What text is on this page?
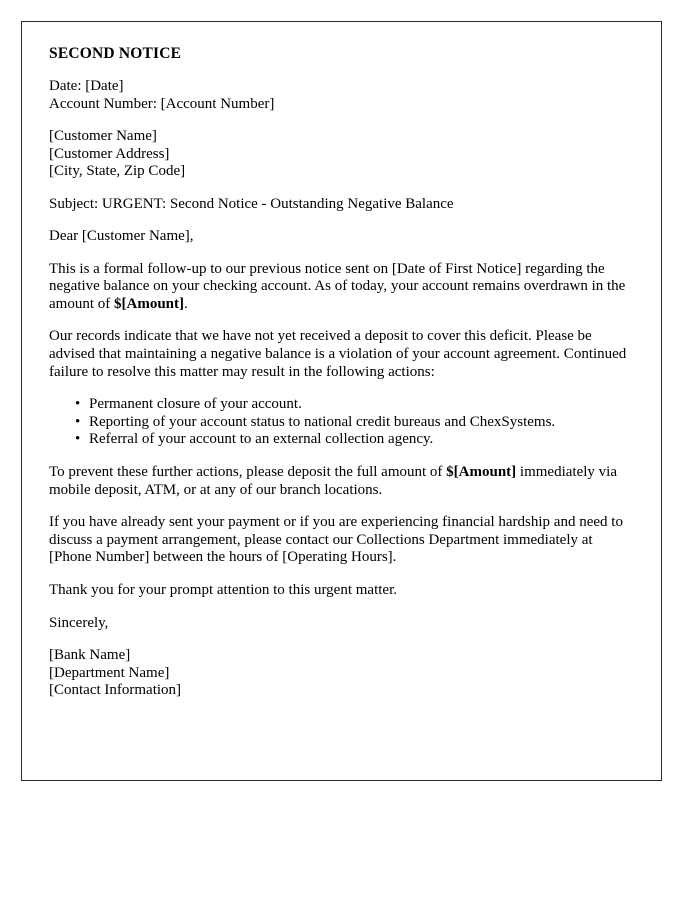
SECOND NOTICE
Date: [Date]
Account Number: [Account Number]
[Customer Name]
[Customer Address]
[City, State, Zip Code]
Subject: URGENT: Second Notice - Outstanding Negative Balance
Dear [Customer Name],
This is a formal follow-up to our previous notice sent on [Date of First Notice] regarding the negative balance on your checking account. As of today, your account remains overdrawn in the amount of $[Amount].
Our records indicate that we have not yet received a deposit to cover this deficit. Please be advised that maintaining a negative balance is a violation of your account agreement. Continued failure to resolve this matter may result in the following actions:
• Permanent closure of your account.
• Reporting of your account status to national credit bureaus and ChexSystems.
• Referral of your account to an external collection agency.
To prevent these further actions, please deposit the full amount of $[Amount] immediately via mobile deposit, ATM, or at any of our branch locations.
If you have already sent your payment or if you are experiencing financial hardship and need to discuss a payment arrangement, please contact our Collections Department immediately at [Phone Number] between the hours of [Operating Hours].
Thank you for your prompt attention to this urgent matter.
Sincerely,
[Bank Name]
[Department Name]
[Contact Information]
